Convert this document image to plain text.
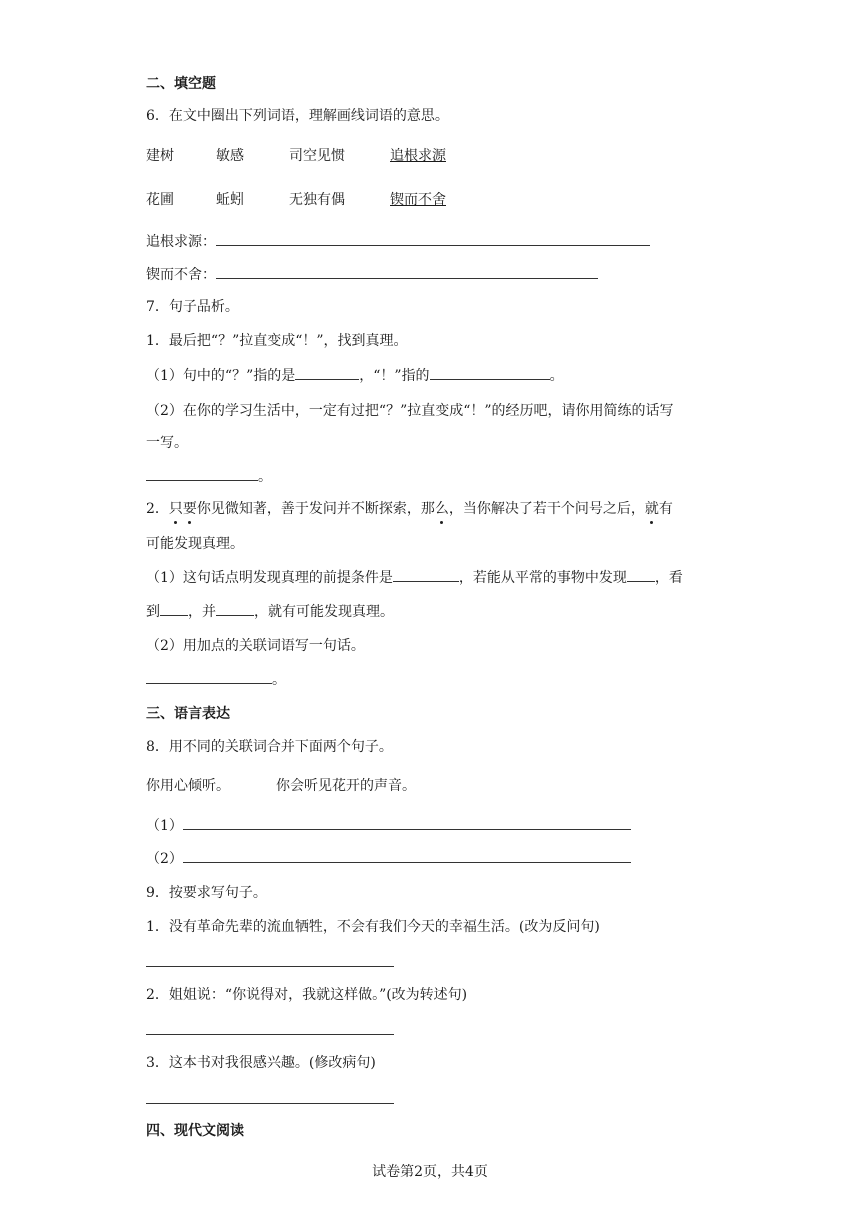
二、填空题
6．在文中圈出下列词语，理解画线词语的意思。
建树	敏感	司空见惯	追根求源
花圃	蚯蚓	无独有偶	锲而不舍
追根求源：
锲而不舍：
7．句子品析。
1．最后把“？”拉直变成“！”，找到真理。
（1）句中的“？”指的是	，“！”指的	。
（2）在你的学习生活中，一定有过把“？”拉直变成“！”的经历吧，请你用简练的话写
一写。
。
2．只要你见微知著，善于发问并不断探索，那么，当你解决了若干个问号之后，就有
可能发现真理。
（1）这句话点明发现真理的前提条件是	，若能从平常的事物中发现 ，看
到 ，并	，就有可能发现真理。
（2）用加点的关联词语写一句话。
。
三、语言表达
8．用不同的关联词合并下面两个句子。
你用心倾听。	你会听见花开的声音。
（1）
（2）
9．按要求写句子。
1．没有革命先辈的流血牺牲，不会有我们今天的幸福生活。(改为反问句)
2．姐姐说：“你说得对，我就这样做。”(改为转述句)
3．这本书对我很感兴趣。(修改病句)
四、现代文阅读
试卷第2页，共4页
